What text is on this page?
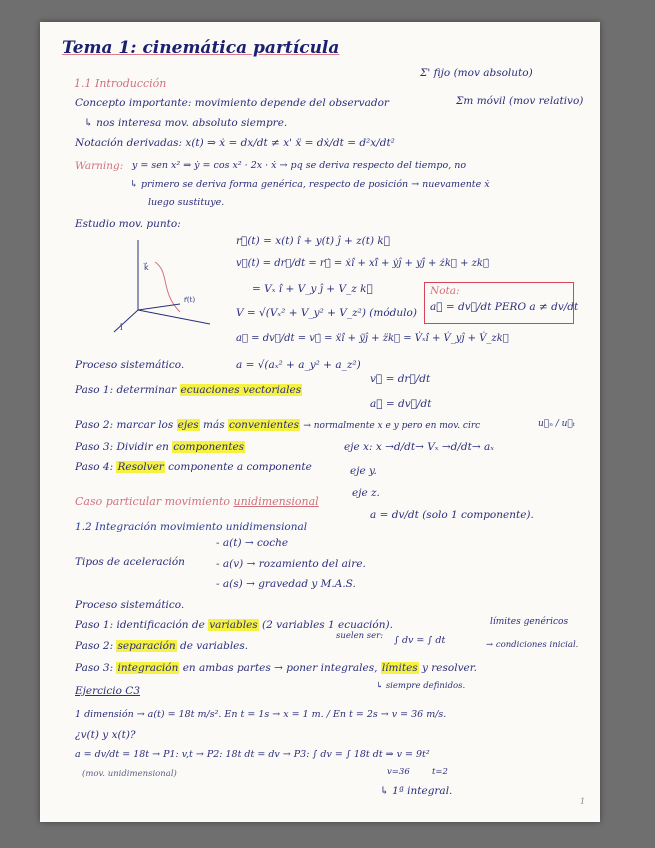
Tema 1: cinemática partícula
1.1 Introducción
Σ' fijo (mov absoluto)
Concepto importante: movimiento depende del observador	Σm móvil (mov relativo)
↳ nos interesa mov. absoluto siempre.
Notación derivadas: x(t) ⇒ ẋ = dx/dt ≠ x' ẍ = dẋ/dt = d²x/dt²
Warning: y = sen x² ⇒ ẏ = cos x² · 2x · ẋ → pq se deriva respecto del tiempo, no
↳ primero se deriva forma genérica, respecto de posición → nuevamente ẋ
luego sustituye.
Estudio mov. punto:
k⃗
î
r⃗(t)
r⃗(t) = x(t) î + y(t) ĵ + z(t) k⃗
v⃗(t) = dr⃗/dt = r⃗̇ = ẋî + xî̇ + ẏĵ + yĵ̇ + żk⃗ + zk⃗̇
= Vₓ î + V_y ĵ + V_z k⃗
V = √(Vₓ² + V_y² + V_z²) (módulo)
Nota:
a⃗ = dv⃗/dt PERO a ≠ dv/dt
a⃗ = dv⃗/dt = v⃗̇ = ẍî + ÿĵ + z̈k⃗ = V̇ₓî + V̇_yĵ + V̇_zk⃗
Proceso sistemático.	a = √(aₓ² + a_y² + a_z²)
Paso 1: determinar ecuaciones vectoriales
v⃗ = dr⃗/dt
a⃗ = dv⃗/dt
Paso 2: marcar los ejes más convenientes → normalmente x e y pero en mov. circ	u⃗ₙ / u⃗ₜ
Paso 3: Dividir en componentes
Paso 4: Resolver componente a componente
eje x: x →d/dt→ Vₓ →d/dt→ aₓ
eje y.
eje z.
Caso particular movimiento unidimensional
a = dv/dt (solo 1 componente).
1.2 Integración movimiento unidimensional
Tipos de aceleración
- a(t) → coche
- a(v) → rozamiento del aire.
- a(s) → gravedad y M.A.S.
Proceso sistemático.
Paso 1: identificación de variables (2 variables 1 ecuación).	límites genéricos
Paso 2: separación de variables.
suelen ser: ∫ dv = ∫ dt	→ condiciones inicial.
Paso 3: integración en ambas partes → poner integrales, límites y resolver.
↳ siempre definidos.
Ejercicio C3
1 dimensión → a(t) = 18t m/s². En t = 1s → x = 1 m. / En t = 2s → v = 36 m/s.
¿v(t) y x(t)?
a = dv/dt = 18t → P1: v,t → P2: 18t dt = dv → P3: ∫ dv = ∫ 18t dt ⇒ v = 9t²
(mov. unidimensional)	v=36	t=2
↳ 1ª integral.
1
